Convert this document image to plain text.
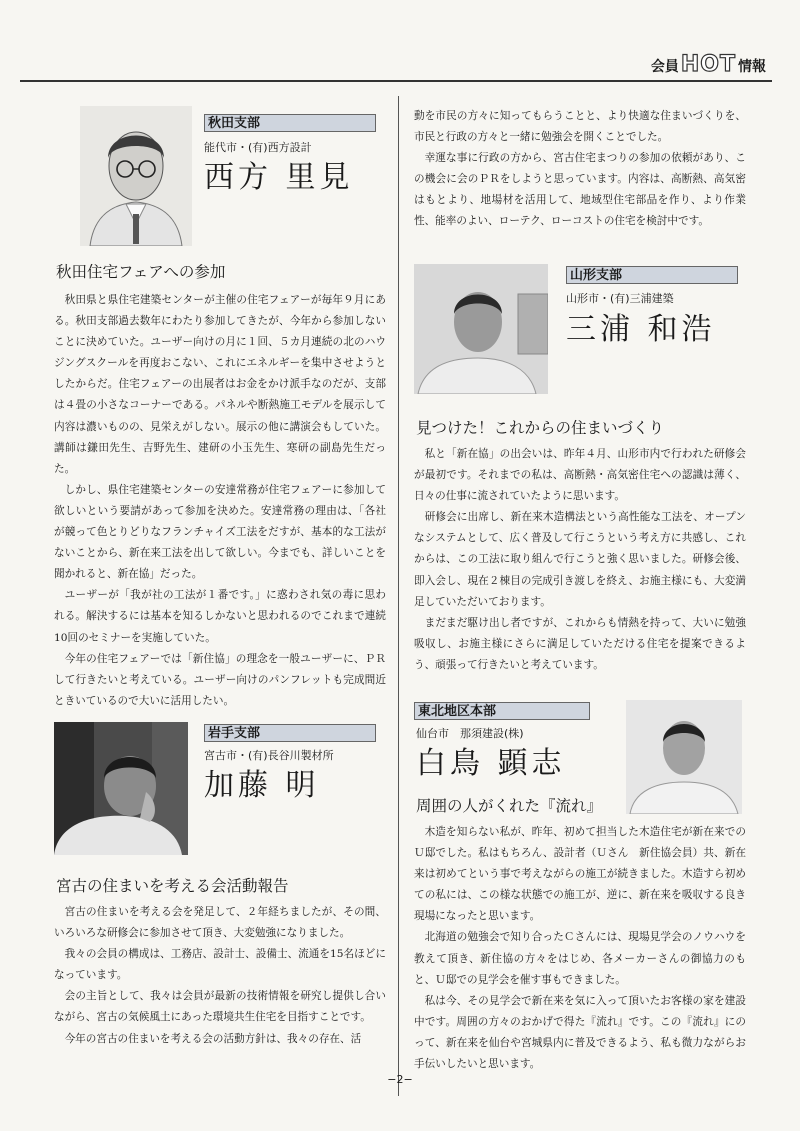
会員 HOT 情報
秋田支部
能代市・(有)西方設計
西方 里見
秋田住宅フェアへの参加

秋田県と県住宅建築センターが主催の住宅フェアーが毎年９月にある。秋田支部過去数年にわたり参加してきたが、今年から参加しないことに決めていた。ユーザー向けの月に１回、５カ月連続の北のハウジングスクールを再度おこない、これにエネルギーを集中させようとしたからだ。住宅フェアーの出展者はお金をかけ派手なのだが、支部は４畳の小さなコーナーである。パネルや断熱施工モデルを展示して内容は濃いものの、見栄えがしない。展示の他に講演会もしていた。講師は鎌田先生、吉野先生、建研の小玉先生、寒研の副島先生だった。

しかし、県住宅建築センターの安達常務が住宅フェアーに参加して欲しいという要請があって参加を決めた。安達常務の理由は、「各社が競って色とりどりなフランチャイズ工法をだすが、基本的な工法がないことから、新在来工法を出して欲しい。今までも、詳しいことを聞かれると、新在協」だった。

ユーザーが「我が社の工法が１番です。」に惑わされ気の毒に思われる。解決するには基本を知るしかないと思われるのでこれまで連続10回のセミナーを実施していた。

今年の住宅フェアーでは「新住協」の理念を一般ユーザーに、ＰＲして行きたいと考えている。ユーザー向けのパンフレットも完成間近ときいているので大いに活用したい。

岩手支部
宮古市・(有)長谷川製材所
加藤 明
宮古の住まいを考える会活動報告

宮古の住まいを考える会を発足して、２年経ちましたが、その間、いろいろな研修会に参加させて頂き、大変勉強になりました。

我々の会員の構成は、工務店、設計士、設備士、流通を15名ほどになっています。

会の主旨として、我々は会員が最新の技術情報を研究し提供し合いながら、宮古の気候風土にあった環境共生住宅を目指すことです。

今年の宮古の住まいを考える会の活動方針は、我々の存在、活

動を市民の方々に知ってもらうことと、より快適な住まいづくりを、市民と行政の方々と一緒に勉強会を開くことでした。

幸運な事に行政の方から、宮古住宅まつりの参加の依頼があり、この機会に会のＰＲをしようと思っています。内容は、高断熱、高気密はもとより、地場材を活用して、地域型住宅部品を作り、より作業性、能率のよい、ローテク、ローコストの住宅を検討中です。

山形支部
山形市・(有)三浦建築
三浦 和浩
見つけた！これからの住まいづくり

私と「新在協」の出会いは、昨年４月、山形市内で行われた研修会が最初です。それまでの私は、高断熱・高気密住宅への認識は薄く、日々の仕事に流されていたように思います。

研修会に出席し、新在来木造構法という高性能な工法を、オープンなシステムとして、広く普及して行こうという考え方に共感し、これからは、この工法に取り組んで行こうと強く思いました。研修会後、即入会し、現在２棟目の完成引き渡しを終え、お施主様にも、大変満足していただいております。

まだまだ駆け出し者ですが、これからも情熱を持って、大いに勉強吸収し、お施主様にさらに満足していただける住宅を提案できるよう、頑張って行きたいと考えています。

東北地区本部
仙台市　那須建設(株)
白鳥 顕志
周囲の人がくれた『流れ』

木造を知らない私が、昨年、初めて担当した木造住宅が新在来でのＵ邸でした。私はもちろん、設計者（Ｕさん　新住協会員）共、新在来は初めてという事で考えながらの施工が続きました。木造すら初めての私には、この様な状態での施工が、逆に、新在来を吸収する良き現場になったと思います。

北海道の勉強会で知り合ったＣさんには、現場見学会のノウハウを教えて頂き、新住協の方々をはじめ、各メーカーさんの御協力のもと、Ｕ邸での見学会を催す事もできました。

私は今、その見学会で新在来を気に入って頂いたお客様の家を建設中です。周囲の方々のおかげで得た『流れ』です。この『流れ』にのって、新在来を仙台や宮城県内に普及できるよう、私も微力ながらお手伝いしたいと思います。

−2−
